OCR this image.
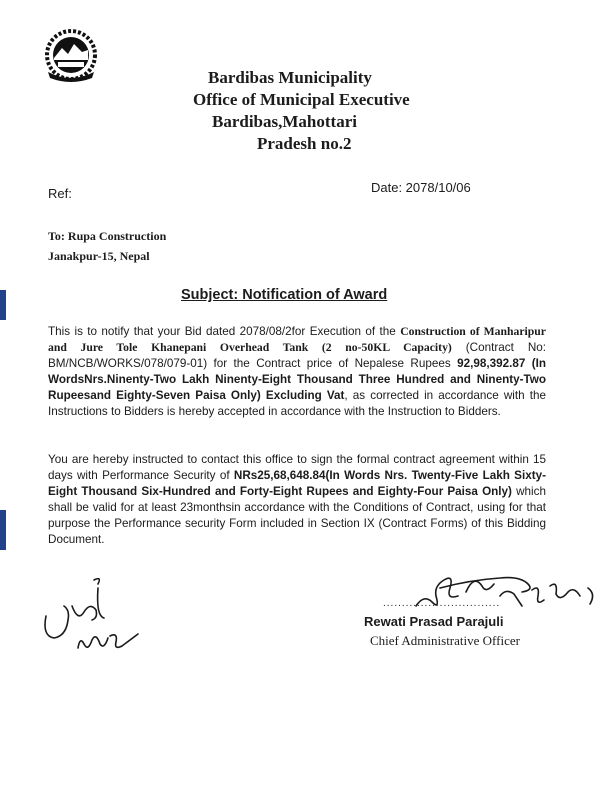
Bardibas Municipality
Office of Municipal Executive
Bardibas,Mahottari
Pradesh no.2
Ref:	Date: 2078/10/06
To: Rupa Construction
Janakpur-15, Nepal
Subject: Notification of Award
This is to notify that your Bid dated 2078/08/2for Execution of the Construction of Manharipur and Jure Tole Khanepani Overhead Tank (2 no-50KL Capacity) (Contract No: BM/NCB/WORKS/078/079-01) for the Contract price of Nepalese Rupees 92,98,392.87 (In WordsNrs.Ninenty-Two Lakh Ninenty-Eight Thousand Three Hundred and Ninenty-Two Rupeesand Eighty-Seven Paisa Only) Excluding Vat, as corrected in accordance with the Instructions to Bidders is hereby accepted in accordance with the Instruction to Bidders.
You are hereby instructed to contact this office to sign the formal contract agreement within 15 days with Performance Security of NRs25,68,648.84(In Words Nrs. Twenty-Five Lakh Sixty-Eight Thousand Six-Hundred and Forty-Eight Rupees and Eighty-Four Paisa Only) which shall be valid for at least 23monthsin accordance with the Conditions of Contract, using for that purpose the Performance security Form included in Section IX (Contract Forms) of this Bidding Document.
...............................
Rewati Prasad Parajuli
Chief Administrative Officer
